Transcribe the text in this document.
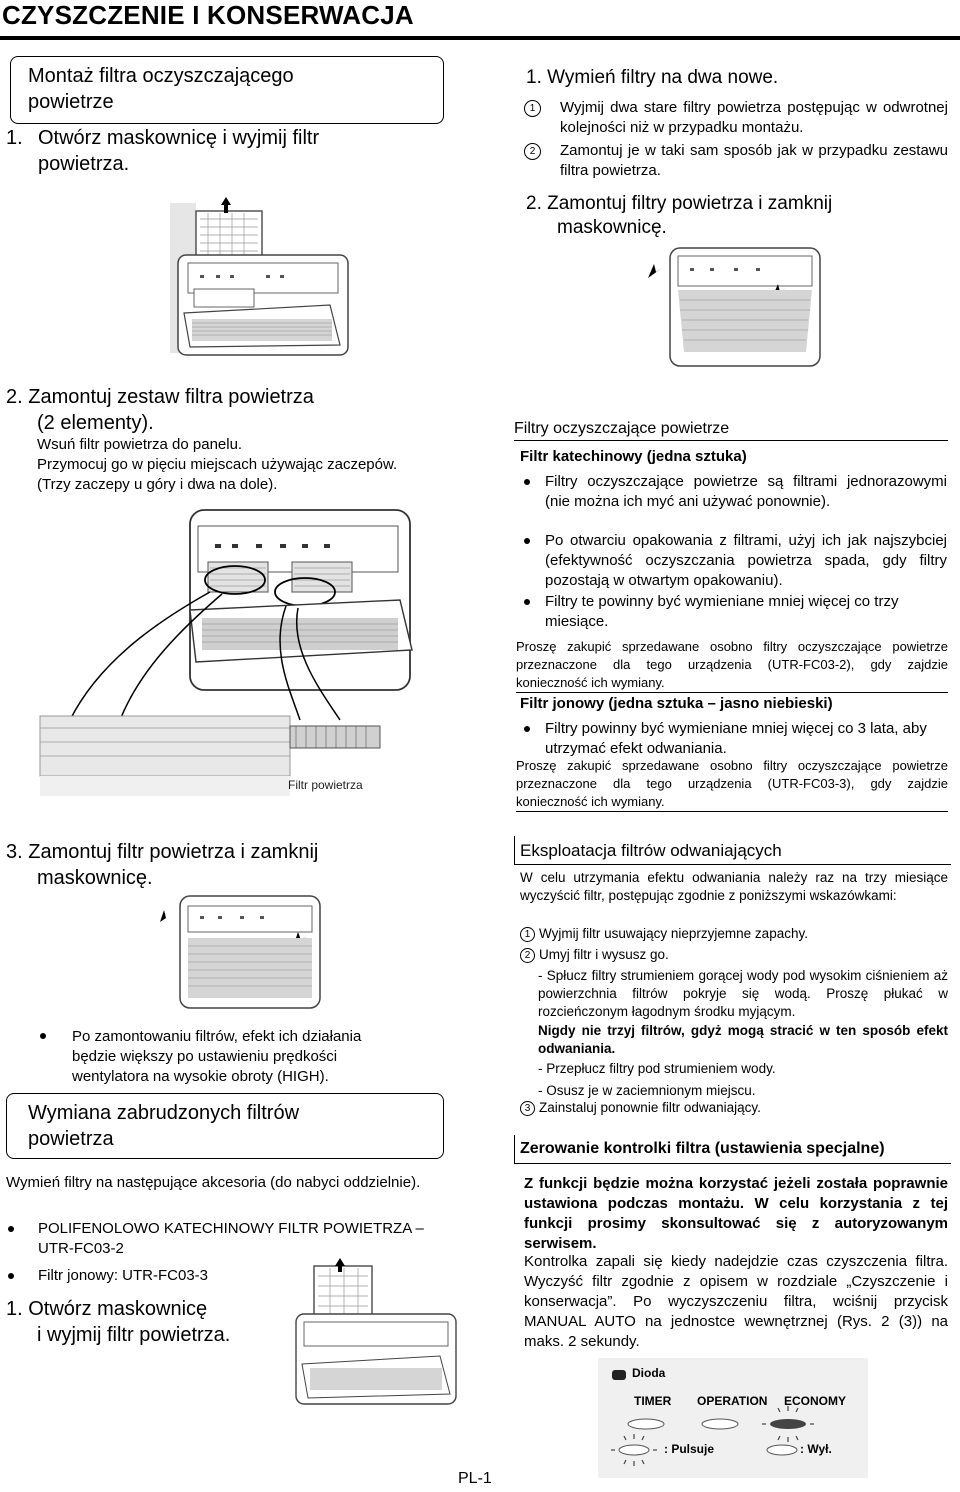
CZYSZCZENIE I KONSERWACJA
Montaż filtra oczyszczającego
powietrze
1. Otwórz maskownicę i wyjmij filtr
powietrza.
2. Zamontuj zestaw filtra powietrza
(2 elementy).
Wsuń filtr powietrza do panelu.
Przymocuj go w pięciu miejscach używając zaczepów.
(Trzy zaczepy u góry i dwa na dole).
Filtr powietrza
3. Zamontuj filtr powietrza i zamknij
maskownicę.
Po zamontowaniu filtrów, efekt ich działania będzie większy po ustawieniu prędkości wentylatora na wysokie obroty (HIGH).
Wymiana zabrudzonych filtrów
powietrza
Wymień filtry na następujące akcesoria (do nabyci oddzielnie).
POLIFENOLOWO KATECHINOWY FILTR POWIETRZA –
UTR-FC03-2
Filtr jonowy: UTR-FC03-3
1. Otwórz maskownicę
i wyjmij filtr powietrza.
1. Wymień filtry na dwa nowe.
1 Wyjmij dwa stare filtry powietrza postępując w odwrotnej kolejności niż w przypadku montażu.
2 Zamontuj je w taki sam sposób jak w przypadku zestawu filtra powietrza.
2. Zamontuj filtry powietrza i zamknij
maskownicę.
Filtry oczyszczające powietrze
Filtr katechinowy (jedna sztuka)
Filtry oczyszczające powietrze są filtrami jednorazowymi (nie można ich myć ani używać ponownie).
Po otwarciu opakowania z filtrami, użyj ich jak najszybciej (efektywność oczyszczania powietrza spada, gdy filtry pozostają w otwartym opakowaniu).
Filtry te powinny być wymieniane mniej więcej co trzy miesiące.
Proszę zakupić sprzedawane osobno filtry oczyszczające powietrze przeznaczone dla tego urządzenia (UTR-FC03-2), gdy zajdzie konieczność ich wymiany.
Filtr jonowy (jedna sztuka – jasno niebieski)
Filtry powinny być wymieniane mniej więcej co 3 lata, aby utrzymać efekt odwaniania.
Proszę zakupić sprzedawane osobno filtry oczyszczające powietrze przeznaczone dla tego urządzenia (UTR-FC03-3), gdy zajdzie konieczność ich wymiany.
Eksploatacja filtrów odwaniających
W celu utrzymania efektu odwaniania należy raz na trzy miesiące wyczyścić filtr, postępując zgodnie z poniższymi wskazówkami:
1 Wyjmij filtr usuwający nieprzyjemne zapachy.
2 Umyj filtr i wysusz go.
- Spłucz filtry strumieniem gorącej wody pod wysokim ciśnieniem aż powierzchnia filtrów pokryje się wodą. Proszę płukać w rozcieńczonym łagodnym środku myjącym.
Nigdy nie trzyj filtrów, gdyż mogą stracić w ten sposób efekt odwaniania.
- Przepłucz filtry pod strumieniem wody.
- Osusz je w zaciemnionym miejscu.
3 Zainstaluj ponownie filtr odwaniający.
Zerowanie kontrolki filtra (ustawienia specjalne)
Z funkcji będzie można korzystać jeżeli została poprawnie ustawiona podczas montażu. W celu korzystania z tej funkcji prosimy skonsultować się z autoryzowanym serwisem.
Kontrolka zapali się kiedy nadejdzie czas czyszczenia filtra. Wyczyść filtr zgodnie z opisem w rozdziale „Czyszczenie i konserwacja”. Po wyczyszczeniu filtra, wciśnij przycisk MANUAL AUTO na jednostce wewnętrznej (Rys. 2 (3)) na maks. 2 sekundy.
Dioda
TIMER OPERATION ECONOMY
: Pulsuje	: Wył.
PL-1
